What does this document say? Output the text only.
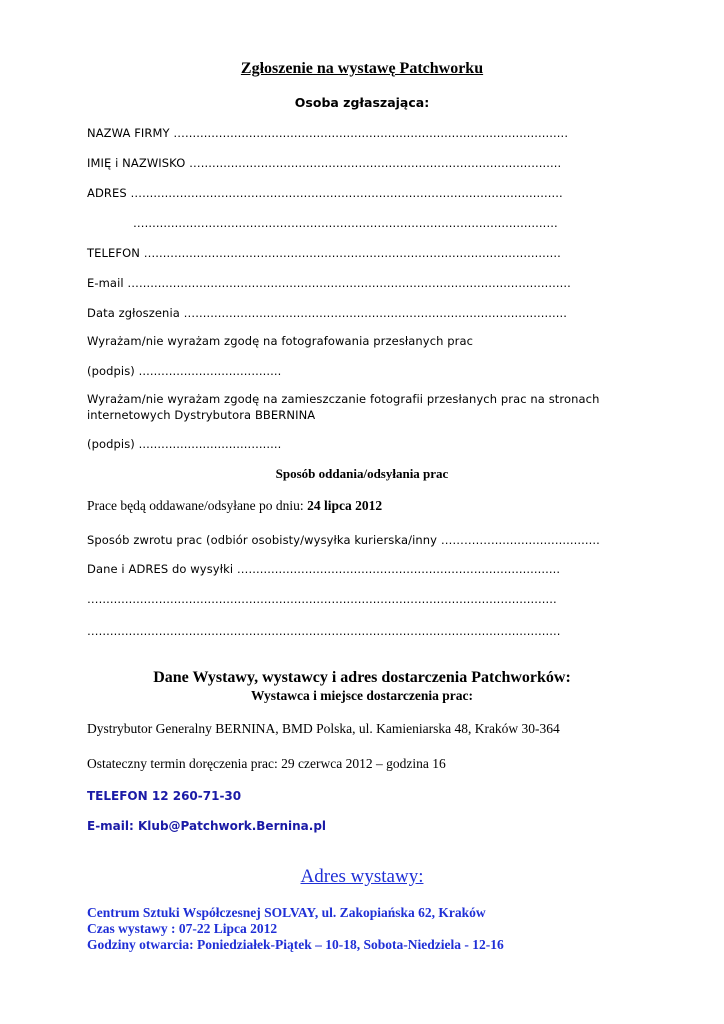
Zgłoszenie na wystawę Patchworku
Osoba zgłaszająca:
NAZWA FIRMY …......................................................................................................
IMIĘ i NAZWISKO …................................................................................................
ADRES …................................................................................................................
…..............................................................................................................
TELEFON …............................................................................................................
E-mail …...................................................................................................................
Data zgłoszenia …...................................................................................................
Wyrażam/nie wyrażam zgodę na fotografowania przesłanych prac
(podpis) ......................................
Wyrażam/nie wyrażam zgodę na zamieszczanie fotografii przesłanych prac na stronach internetowych Dystrybutora BBERNINA
(podpis) ......................................
Sposób oddania/odsyłania prac
Prace będą oddawane/odsyłane po dniu: 24 lipca 2012
Sposób zwrotu prac (odbiór osobisty/wysyłka kurierska/inny ……….….............................
Dane i ADRES do wysyłki …...................................................................................
…..........................................................................................................................
…...........................................................................................................................
Dane Wystawy, wystawcy i adres dostarczenia Patchworków:
Wystawca i miejsce dostarczenia prac:
Dystrybutor Generalny BERNINA, BMD Polska, ul. Kamieniarska 48, Kraków 30-364
Ostateczny termin doręczenia prac: 29 czerwca 2012 – godzina 16
TELEFON 12 260-71-30
E-mail: Klub@Patchwork.Bernina.pl
Adres wystawy:
Centrum Sztuki Współczesnej SOLVAY, ul. Zakopiańska 62, Kraków
Czas wystawy : 07-22 Lipca 2012
Godziny otwarcia: Poniedziałek-Piątek – 10-18, Sobota-Niedziela - 12-16
